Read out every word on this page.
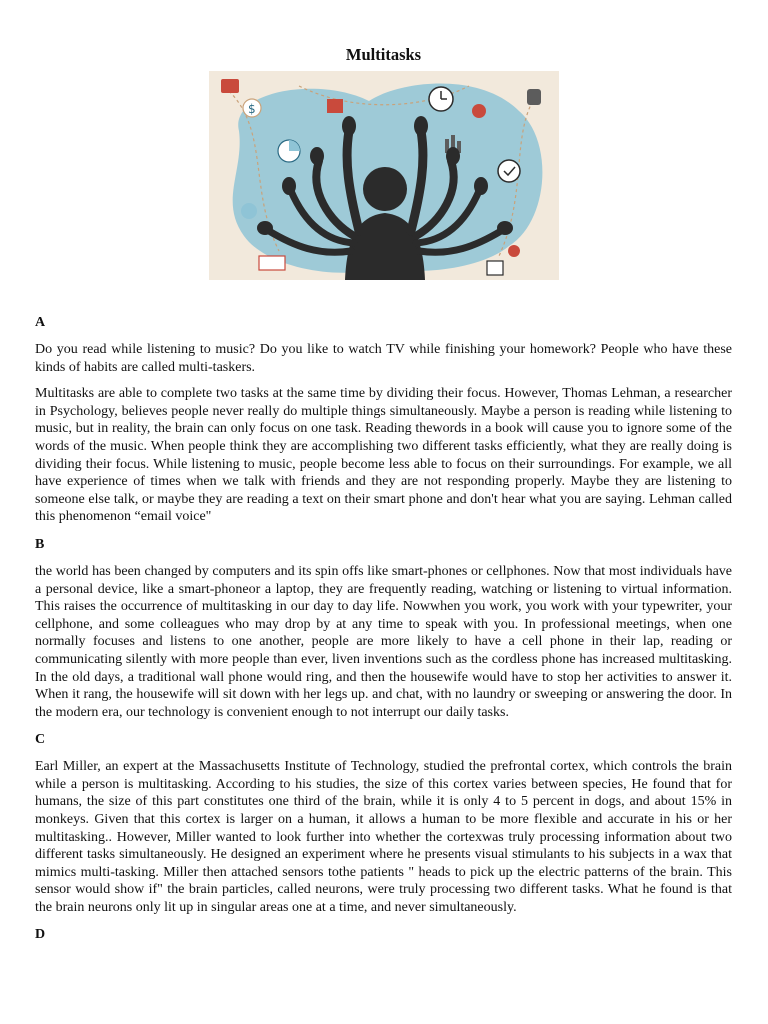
Multitasks
$
A

Do you read while listening to music? Do you like to watch TV while finishing your homework? People who have these kinds of habits are called multi-taskers.

Multitasks are able to complete two tasks at the same time by dividing their focus. However, Thomas Lehman, a researcher in Psychology, believes people never really do multiple things simultaneously. Maybe a person is reading while listening to music, but in reality, the brain can only focus on one task. Reading thewords in a book will cause you to ignore some of the words of the music. When people think they are accomplishing two different tasks efficiently, what they are really doing is dividing their focus. While listening to music, people become less able to focus on their surroundings. For example, we all have experience of times when we talk with friends and they are not responding properly. Maybe they are listening to someone else talk, or maybe they are reading a text on their smart phone and don't hear what you are saying. Lehman called this phenomenon “email voice"

B

the world has been changed by computers and its spin offs like smart-phones or cellphones. Now that most individuals have a personal device, like a smart-phoneor a laptop, they are frequently reading, watching or listening to virtual information. This raises the occurrence of multitasking in our day to day life. Nowwhen you work, you work with your typewriter, your cellphone, and some colleagues who may drop by at any time to speak with you. In professional meetings, when one normally focuses and listens to one another, people are more likely to have a cell phone in their lap, reading or communicating silently with more people than ever, liven inventions such as the cordless phone has increased multitasking. In the old days, a traditional wall phone would ring, and then the housewife would have to stop her activities to answer it. When it rang, the housewife will sit down with her legs up. and chat, with no laundry or sweeping or answering the door. In the modern era, our technology is convenient enough to not interrupt our daily tasks.

C

Earl Miller, an expert at the Massachusetts Institute of Technology, studied the prefrontal cortex, which controls the brain while a person is multitasking. According to his studies, the size of this cortex varies between species, He found that for humans, the size of this part constitutes one third of the brain, while it is only 4 to 5 percent in dogs, and about 15% in monkeys. Given that this cortex is larger on a human, it allows a human to be more flexible and accurate in his or her multitasking.. However, Miller wanted to look further into whether the cortexwas truly processing information about two different tasks simultaneously. He designed an experiment where he presents visual stimulants to his subjects in a wax that mimics multi-tasking. Miller then attached sensors tothe patients " heads to pick up the electric patterns of the brain. This sensor would show if" the brain particles, called neurons, were truly processing two different tasks. What he found is that the brain neurons only lit up in singular areas one at a time, and never simultaneously.

D
